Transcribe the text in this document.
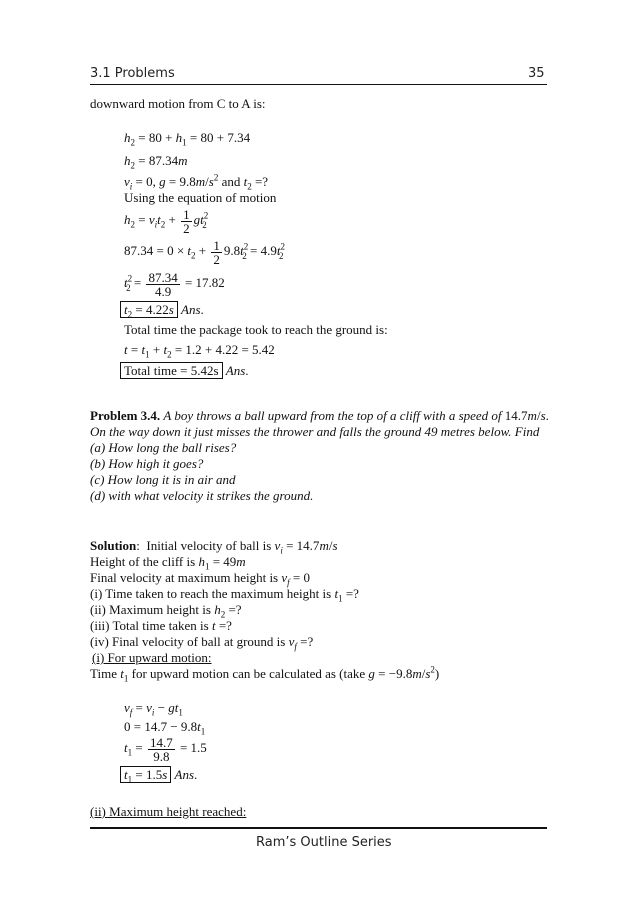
3.1 Problems	35
downward motion from C to A is:
$h_2 = 80 + h_1 = 80 + 7.34$
$h_2 = 87.34m$
$v_i = 0$, $g = 9.8m/s^2$ and $t_2$ =?
Using the equation of motion
$h_2 = v_it_2 + \frac{1}{2} gt^2_2$
$87.34 = 0 \times t_2 + \frac{1}{2} 9.8t^2_2 = 4.9t^2_2$
$t^2_2 = \frac{87.34}{4.9} = 17.82$
$t_2 = 4.22s$ Ans.
Total time the package took to reach the ground is:
$t = t_1 + t_2 = 1.2 + 4.22 = 5.42$
Total time = 5.42s Ans.
Problem 3.4. A boy throws a ball upward from the top of a cliff with a speed of 14.7m/s.
On the way down it just misses the thrower and falls the ground 49 metres below. Find
(a) How long the ball rises?
(b) How high it goes?
(c) How long it is in air and
(d) with what velocity it strikes the ground.
Solution:  Initial velocity of ball is $v_i = 14.7m/s$
Height of the cliff is $h_1 = 49m$
Final velocity at maximum height is $v_f = 0$
(i) Time taken to reach the maximum height is $t_1$ =?
(ii) Maximum height is $h_2$ =?
(iii) Total time taken is t =?
(iv) Final velocity of ball at ground is $v_f$ =?
(i) For upward motion:
Time $t_1$ for upward motion can be calculated as (take $g = -9.8m/s^2$)
$v_f = v_i - gt_1$
$0 = 14.7 - 9.8t_1$
$t_1 = \frac{14.7}{9.8} = 1.5$
$t_1 = 1.5s$ Ans.
(ii) Maximum height reached:
Ram’s Outline Series
